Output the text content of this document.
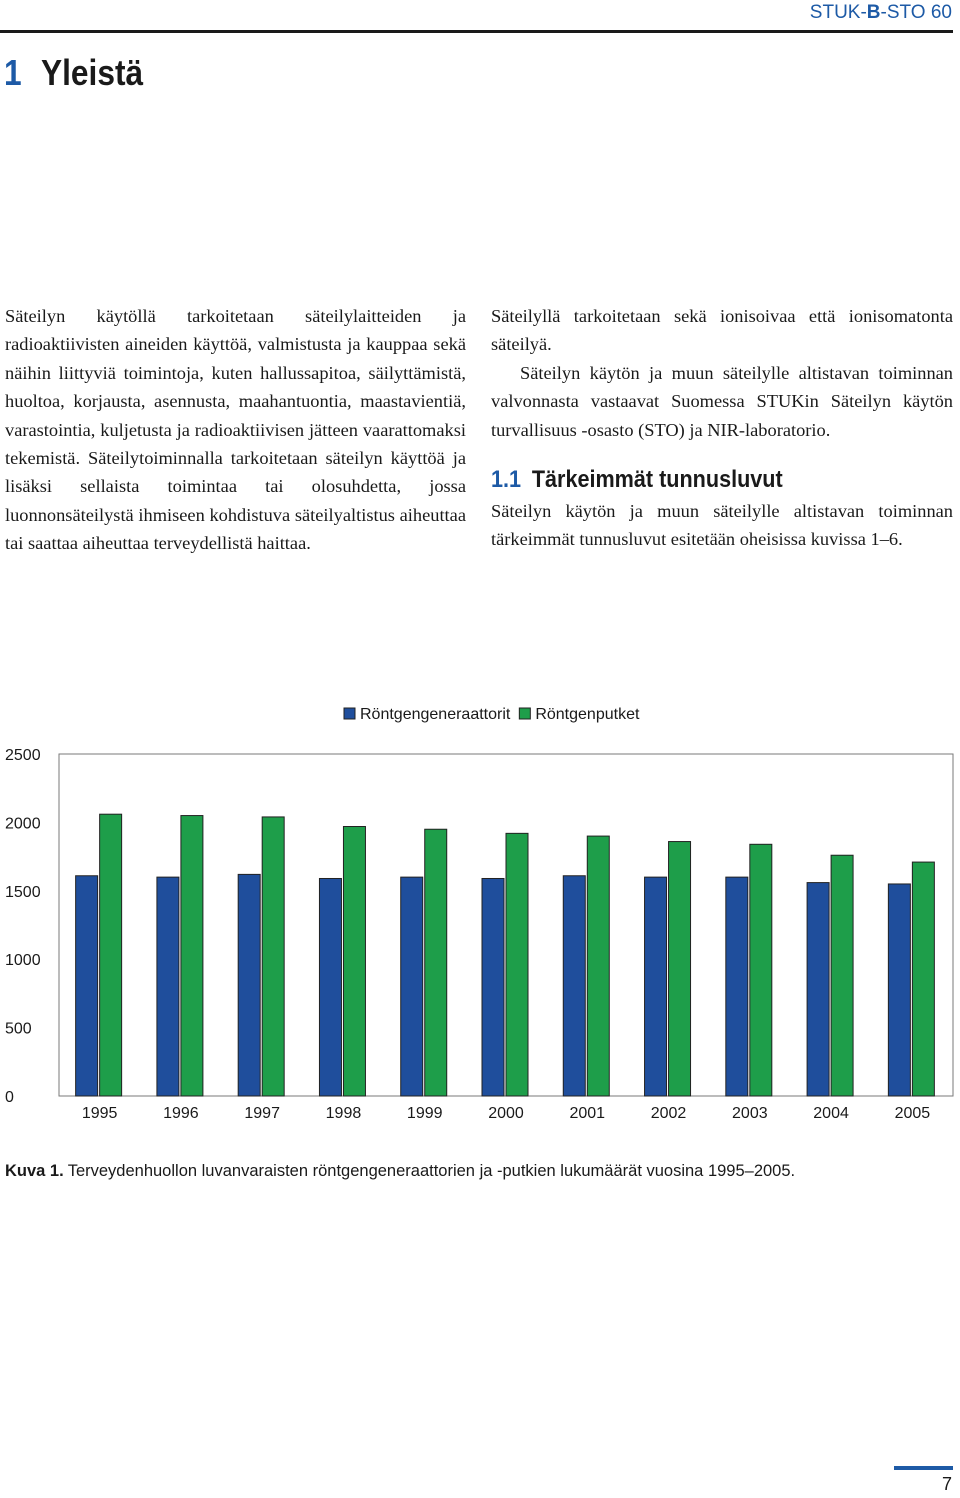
STUK-B-STO 60
1 Yleistä

Säteilyn käytöllä tarkoitetaan säteilylaitteiden ja radioaktiivisten aineiden käyttöä, valmistusta ja kauppaa sekä näihin liittyviä toimintoja, kuten hallussapitoa, säilyttämistä, huoltoa, korjausta, asennusta, maahantuontia, maastavientiä, varastointia, kuljetusta ja radioaktiivisen jätteen vaarattomaksi tekemistä. Säteilytoiminnalla tarkoitetaan säteilyn käyttöä ja lisäksi sellaista toimintaa tai olosuhdetta, jossa luonnonsäteilystä ihmiseen kohdistuva säteilyaltistus aiheuttaa tai saattaa aiheuttaa terveydellistä haittaa.

Säteilyllä tarkoitetaan sekä ionisoivaa että ionisomatonta säteilyä.

Säteilyn käytön ja muun säteilylle altistavan toiminnan valvonnasta vastaavat Suomessa STUKin Säteilyn käytön turvallisuus -osasto (STO) ja NIR-laboratorio.

1.1 Tärkeimmät tunnusluvut

Säteilyn käytön ja muun säteilylle altistavan toiminnan tärkeimmät tunnusluvut esitetään oheisissa kuvissa 1–6.

0
500
1000
1500
2000
2500
1995	1996	1997	1998	1999	2000	2001	2002	2003	2004	2005
Röntgengeneraattorit Röntgenputket
Kuva 1. Terveydenhuollon luvanvaraisten röntgengeneraattorien ja -putkien lukumäärät vuosina 1995–2005.
7
